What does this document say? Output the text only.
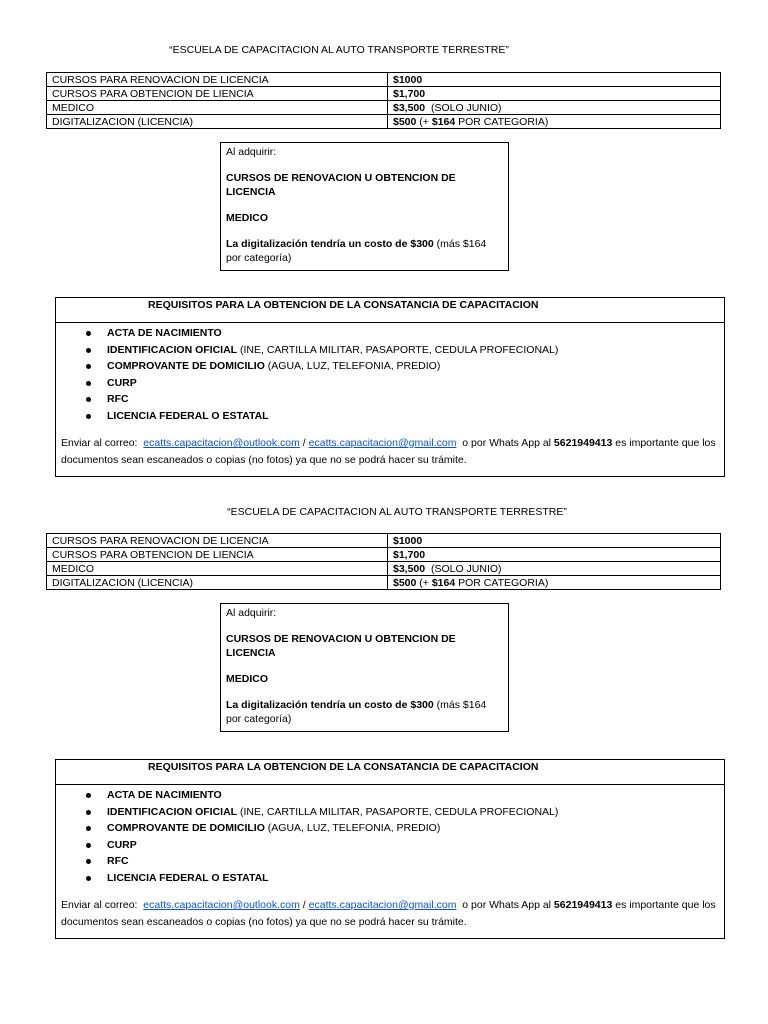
“ESCUELA DE CAPACITACION AL AUTO TRANSPORTE TERRESTRE”
CURSOS PARA RENOVACION DE LICENCIA	$1000
CURSOS PARA OBTENCION DE LIENCIA	$1,700
MEDICO	$3,500  (SOLO JUNIO)
DIGITALIZACION (LICENCIA)	$500 (+ $164 POR CATEGORIA)

Al adquirir:

CURSOS DE RENOVACION U OBTENCION DE LICENCIA

MEDICO

La digitalización tendría un costo de $300 (más $164 por categoría)

REQUISITOS PARA LA OBTENCION DE LA CONSATANCIA DE CAPACITACION
ACTA DE NACIMIENTO
IDENTIFICACION OFICIAL (INE, CARTILLA MILITAR, PASAPORTE, CEDULA PROFECIONAL)
COMPROVANTE DE DOMICILIO (AGUA, LUZ, TELEFONIA, PREDIO)
CURP
RFC
LICENCIA FEDERAL O ESTATAL
Enviar al correo:  ecatts.capacitacion@outlook.com / ecatts.capacitacion@gmail.com  o por Whats App al 5621949413 es importante que los documentos sean escaneados o copias (no fotos) ya que no se podrá hacer su trámite.
“ESCUELA DE CAPACITACION AL AUTO TRANSPORTE TERRESTRE”
CURSOS PARA RENOVACION DE LICENCIA	$1000
CURSOS PARA OBTENCION DE LIENCIA	$1,700
MEDICO	$3,500  (SOLO JUNIO)
DIGITALIZACION (LICENCIA)	$500 (+ $164 POR CATEGORIA)

Al adquirir:

CURSOS DE RENOVACION U OBTENCION DE LICENCIA

MEDICO

La digitalización tendría un costo de $300 (más $164 por categoría)

REQUISITOS PARA LA OBTENCION DE LA CONSATANCIA DE CAPACITACION
ACTA DE NACIMIENTO
IDENTIFICACION OFICIAL (INE, CARTILLA MILITAR, PASAPORTE, CEDULA PROFECIONAL)
COMPROVANTE DE DOMICILIO (AGUA, LUZ, TELEFONIA, PREDIO)
CURP
RFC
LICENCIA FEDERAL O ESTATAL
Enviar al correo:  ecatts.capacitacion@outlook.com / ecatts.capacitacion@gmail.com  o por Whats App al 5621949413 es importante que los documentos sean escaneados o copias (no fotos) ya que no se podrá hacer su trámite.
